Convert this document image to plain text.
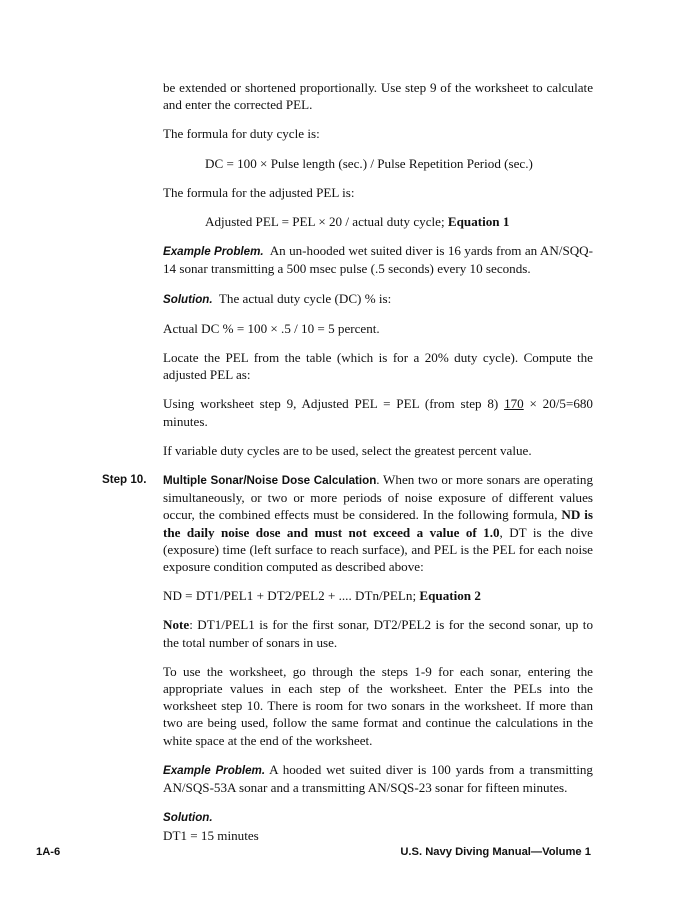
be extended or shortened proportionally. Use step 9 of the worksheet to calculate and enter the corrected PEL.

The formula for duty cycle is:

DC = 100 × Pulse length (sec.) / Pulse Repetition Period (sec.)

The formula for the adjusted PEL is:

Adjusted PEL = PEL × 20 / actual duty cycle; Equation 1

Example Problem. An un-hooded wet suited diver is 16 yards from an AN/SQQ-14 sonar transmitting a 500 msec pulse (.5 seconds) every 10 seconds.

Solution. The actual duty cycle (DC) % is:

Actual DC % = 100 × .5 / 10 = 5 percent.

Locate the PEL from the table (which is for a 20% duty cycle). Compute the adjusted PEL as:

Using worksheet step 9, Adjusted PEL = PEL (from step 8) 170 × 20/5=680 minutes.

If variable duty cycles are to be used, select the greatest percent value.

Step 10. Multiple Sonar/Noise Dose Calculation. When two or more sonars are operating simultaneously, or two or more periods of noise exposure of different values occur, the combined effects must be considered. In the following formula, ND is the daily noise dose and must not exceed a value of 1.0, DT is the dive (exposure) time (left surface to reach surface), and PEL is the PEL for each noise exposure condition computed as described above:

ND = DT1/PEL1 + DT2/PEL2 + .... DTn/PELn; Equation 2

Note: DT1/PEL1 is for the first sonar, DT2/PEL2 is for the second sonar, up to the total number of sonars in use.

To use the worksheet, go through the steps 1-9 for each sonar, entering the appropriate values in each step of the worksheet. Enter the PELs into the worksheet step 10. There is room for two sonars in the worksheet. If more than two are being used, follow the same format and continue the calculations in the white space at the end of the worksheet.

Example Problem. A hooded wet suited diver is 100 yards from a transmitting AN/SQS-53A sonar and a transmitting AN/SQS-23 sonar for fifteen minutes.

Solution.

DT1 = 15 minutes

1A-6	U.S. Navy Diving Manual—Volume 1
